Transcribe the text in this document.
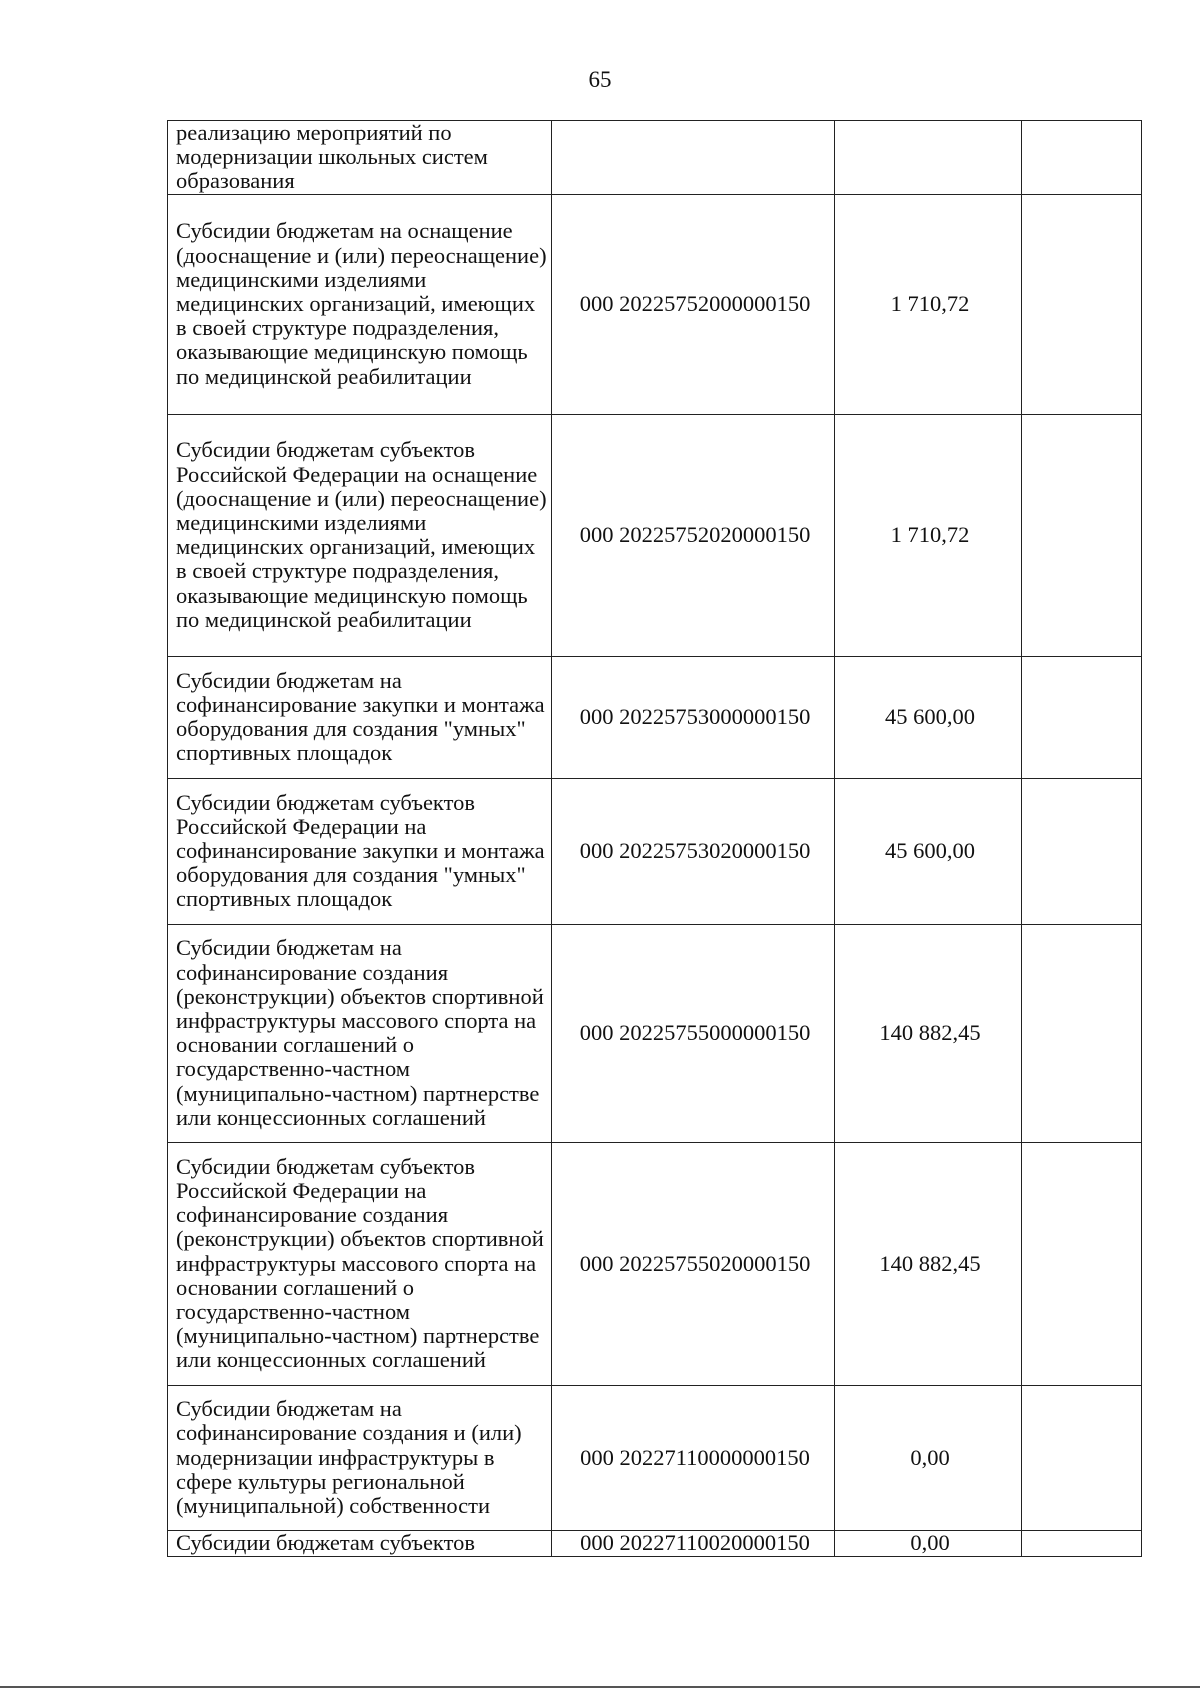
65
реализацию мероприятий по модернизации школьных систем образования			
Субсидии бюджетам на оснащение (дооснащение и (или) переоснащение) медицинскими изделиями медицинских организаций, имеющих в своей структуре подразделения, оказывающие медицинскую помощь по медицинской реабилитации	000 20225752000000150	1 710,72	
Субсидии бюджетам субъектов Российской Федерации на оснащение (дооснащение и (или) переоснащение) медицинскими изделиями медицинских организаций, имеющих в своей структуре подразделения, оказывающие медицинскую помощь по медицинской реабилитации	000 20225752020000150	1 710,72	
Субсидии бюджетам на софинансирование закупки и монтажа оборудования для создания "умных" спортивных площадок	000 20225753000000150	45 600,00	
Субсидии бюджетам субъектов Российской Федерации на софинансирование закупки и монтажа оборудования для создания "умных" спортивных площадок	000 20225753020000150	45 600,00	
Субсидии бюджетам на софинансирование создания (реконструкции) объектов спортивной инфраструктуры массового спорта на основании соглашений о государственно-частном (муниципально-частном) партнерстве или концессионных соглашений	000 20225755000000150	140 882,45	
Субсидии бюджетам субъектов Российской Федерации на софинансирование создания (реконструкции) объектов спортивной инфраструктуры массового спорта на основании соглашений о государственно-частном (муниципально-частном) партнерстве или концессионных соглашений	000 20225755020000150	140 882,45	
Субсидии бюджетам на софинансирование создания и (или) модернизации инфраструктуры в сфере культуры региональной (муниципальной) собственности	000 20227110000000150	0,00	
Субсидии бюджетам субъектов	000 20227110020000150	0,00	
